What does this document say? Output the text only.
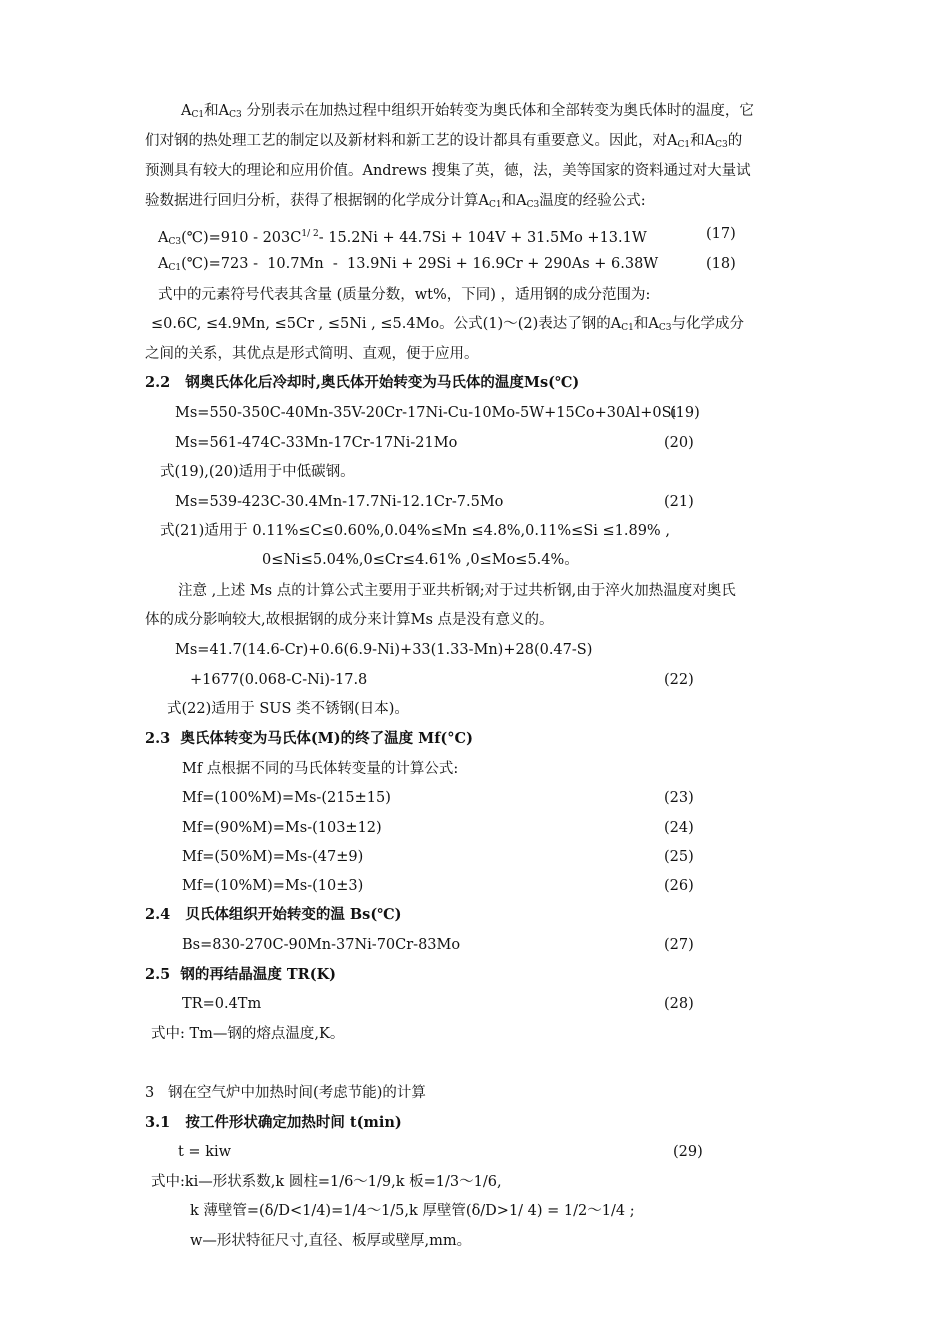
$A_{C1}$和$A_{C3}$ 分别表示在加热过程中组织开始转变为奥氏体和全部转变为奥氏体时的温度，它
们对钢的热处理工艺的制定以及新材料和新工艺的设计都具有重要意义。因此，对$A_{C1}$和$A_{C3}$的
预测具有较大的理论和应用价值。Andrews 搜集了英，德，法，美等国家的资料通过对大量试
验数据进行回归分析，获得了根据钢的化学成分计算$A_{C1}$和$A_{C3}$温度的经验公式:
$A_{C3}(℃)=910 - 203C^{1/ 2}-$ 15.2Ni + 44.7Si + 104V + 31.5Mo +13.1W	(17)
$A_{C1}(℃)=723 - 10.7Mn - 13.9Ni + 29Si + 16.9Cr + 290As + 6.38W$	(18)
式中的元素符号代表其含量 (质量分数，wt%，下同) ，适用钢的成分范围为:
≤0.6C, ≤4.9Mn, ≤5Cr , ≤5Ni , ≤5.4Mo。公式(1)～(2)表达了钢的$A_{C1}$和$A_{C3}$与化学成分
之间的关系，其优点是形式简明、直观，便于应用。
2.2   钢奥氏体化后冷却时,奥氏体开始转变为马氏体的温度Ms(℃)
Ms=550-350C-40Mn-35V-20Cr-17Ni-Cu-10Mo-5W+15Co+30Al+0Si
(19)
Ms=561-474C-33Mn-17Cr-17Ni-21Mo	(20)
式(19),(20)适用于中低碳钢。
Ms=539-423C-30.4Mn-17.7Ni-12.1Cr-7.5Mo	(21)
式(21)适用于 0.11%≤C≤0.60%,0.04%≤Mn ≤4.8%,0.11%≤Si ≤1.89% ,
0≤Ni≤5.04%,0≤Cr≤4.61% ,0≤Mo≤5.4%。
注意 ,上述 Ms 点的计算公式主要用于亚共析钢;对于过共析钢,由于淬火加热温度对奥氏
体的成分影响较大,故根据钢的成分来计算Ms 点是没有意义的。
Ms=41.7(14.6-Cr)+0.6(6.9-Ni)+33(1.33-Mn)+28(0.47-S)
+1677(0.068-C-Ni)-17.8	(22)
式(22)适用于 SUS 类不锈钢(日本)。
2.3  奥氏体转变为马氏体(M)的终了温度 Mf(°C)
Mf 点根据不同的马氏体转变量的计算公式:
Mf=(100%M)=Ms-(215±15)	(23)
Mf=(90%M)=Ms-(103±12)	(24)
Mf=(50%M)=Ms-(47±9)	(25)
Mf=(10%M)=Ms-(10±3)	(26)
2.4   贝氏体组织开始转变的温 Bs(℃)
Bs=830-270C-90Mn-37Ni-70Cr-83Mo	(27)
2.5  钢的再结晶温度 TR(K)
TR=0.4Tm	(28)
式中: Tm—钢的熔点温度,K。
3   钢在空气炉中加热时间(考虑节能)的计算
3.1   按工件形状确定加热时间 t(min)
t = kiw	(29)
式中:ki—形状系数,k 圆柱=1/6～1/9,k 板=1/3～1/6,
k 薄壁管=(δ/D<1/4)=1/4～1/5,k 厚壁管(δ/D>1/ 4) = 1/2～1/4 ;
w—形状特征尺寸,直径、板厚或壁厚,mm。
